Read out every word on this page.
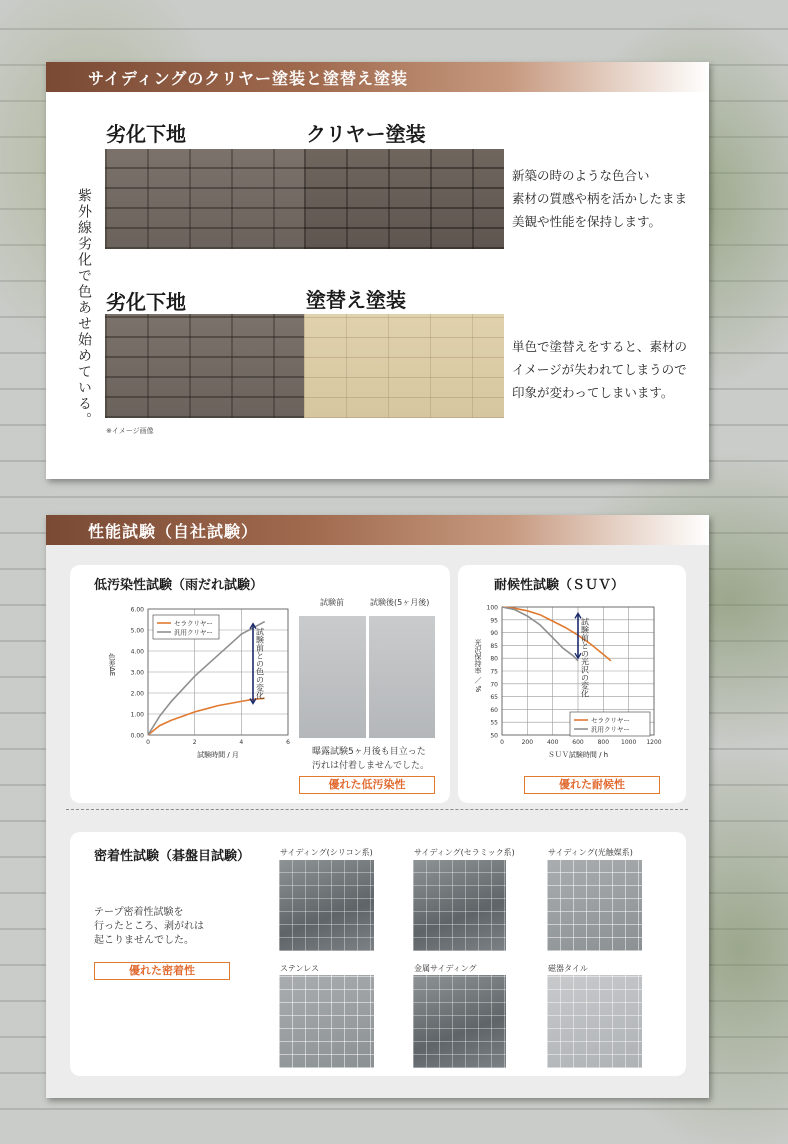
サイディングのクリヤー塗装と塗替え塗装
紫外線劣化で色あせ始めている。
劣化下地	クリヤー塗装
新築の時のような色合い
素材の質感や柄を活かしたまま
美観や性能を保持します。
劣化下地	塗替え塗装
単色で塗替えをすると、素材の
イメージが失われてしまうので
印象が変わってしまいます。
※イメージ画像
性能試験（自社試験）
低汚染性試験（雨だれ試験）
0.00
1.00
2.00
3.00
4.00
5.00
6.00
0	2	4	6
試験時間 / 月
色差ΔE	試験前との色の変化
セラクリヤー
汎用クリヤー
試験前	試験後(5ヶ月後)
曝露試験5ヶ月後も目立った
汚れは付着しませんでした。
優れた低汚染性
耐候性試験（ＳＵＶ）
50
55
60
65
70
75
80
85
90
95
100
0	200 400 600 800 1000 1200
ＳＵＶ試験時間 / h
光沢保持率 ／ %	試験前との光沢の変化
セラクリヤー
汎用クリヤー
優れた耐候性
密着性試験（碁盤目試験）
テープ密着性試験を
行ったところ、剥がれは
起こりませんでした。
優れた密着性
サイディング(シリコン系)	サイディング(セラミック系)	サイディング(光触媒系)
ステンレス	金属サイディング	磁器タイル
